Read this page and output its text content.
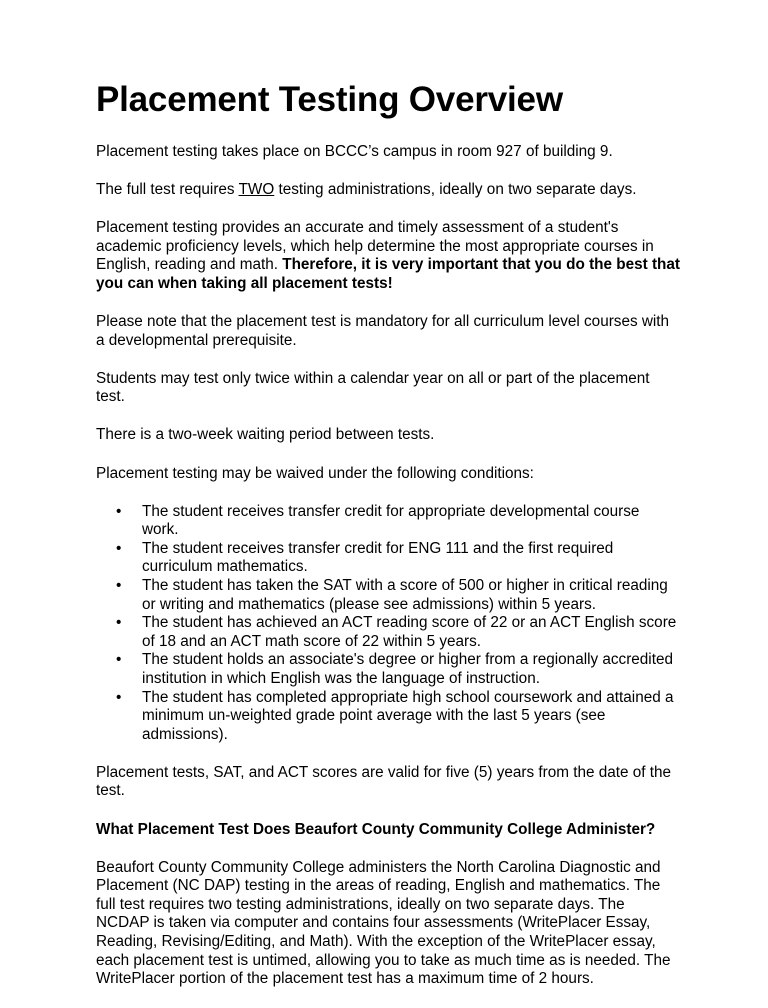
Placement Testing Overview

Placement testing takes place on BCCC’s campus in room 927 of building 9.

The full test requires TWO testing administrations, ideally on two separate days.

Placement testing provides an accurate and timely assessment of a student's academic proficiency levels, which help determine the most appropriate courses in English, reading and math. Therefore, it is very important that you do the best that you can when taking all placement tests!

Please note that the placement test is mandatory for all curriculum level courses with a developmental prerequisite.

Students may test only twice within a calendar year on all or part of the placement test.

There is a two-week waiting period between tests.

Placement testing may be waived under the following conditions:

• The student receives transfer credit for appropriate developmental course work.
• The student receives transfer credit for ENG 111 and the first required curriculum mathematics.
• The student has taken the SAT with a score of 500 or higher in critical reading or writing and mathematics (please see admissions) within 5 years.
• The student has achieved an ACT reading score of 22 or an ACT English score of 18 and an ACT math score of 22 within 5 years.
• The student holds an associate's degree or higher from a regionally accredited institution in which English was the language of instruction.
• The student has completed appropriate high school coursework and attained a minimum un-weighted grade point average with the last 5 years (see admissions).

Placement tests, SAT, and ACT scores are valid for five (5) years from the date of the test.

What Placement Test Does Beaufort County Community College Administer?

Beaufort County Community College administers the North Carolina Diagnostic and Placement (NC DAP) testing in the areas of reading, English and mathematics. The full test requires two testing administrations, ideally on two separate days. The NCDAP is taken via computer and contains four assessments (WritePlacer Essay, Reading, Revising/Editing, and Math). With the exception of the WritePlacer essay, each placement test is untimed, allowing you to take as much time as is needed. The WritePlacer portion of the placement test has a maximum time of 2 hours.
